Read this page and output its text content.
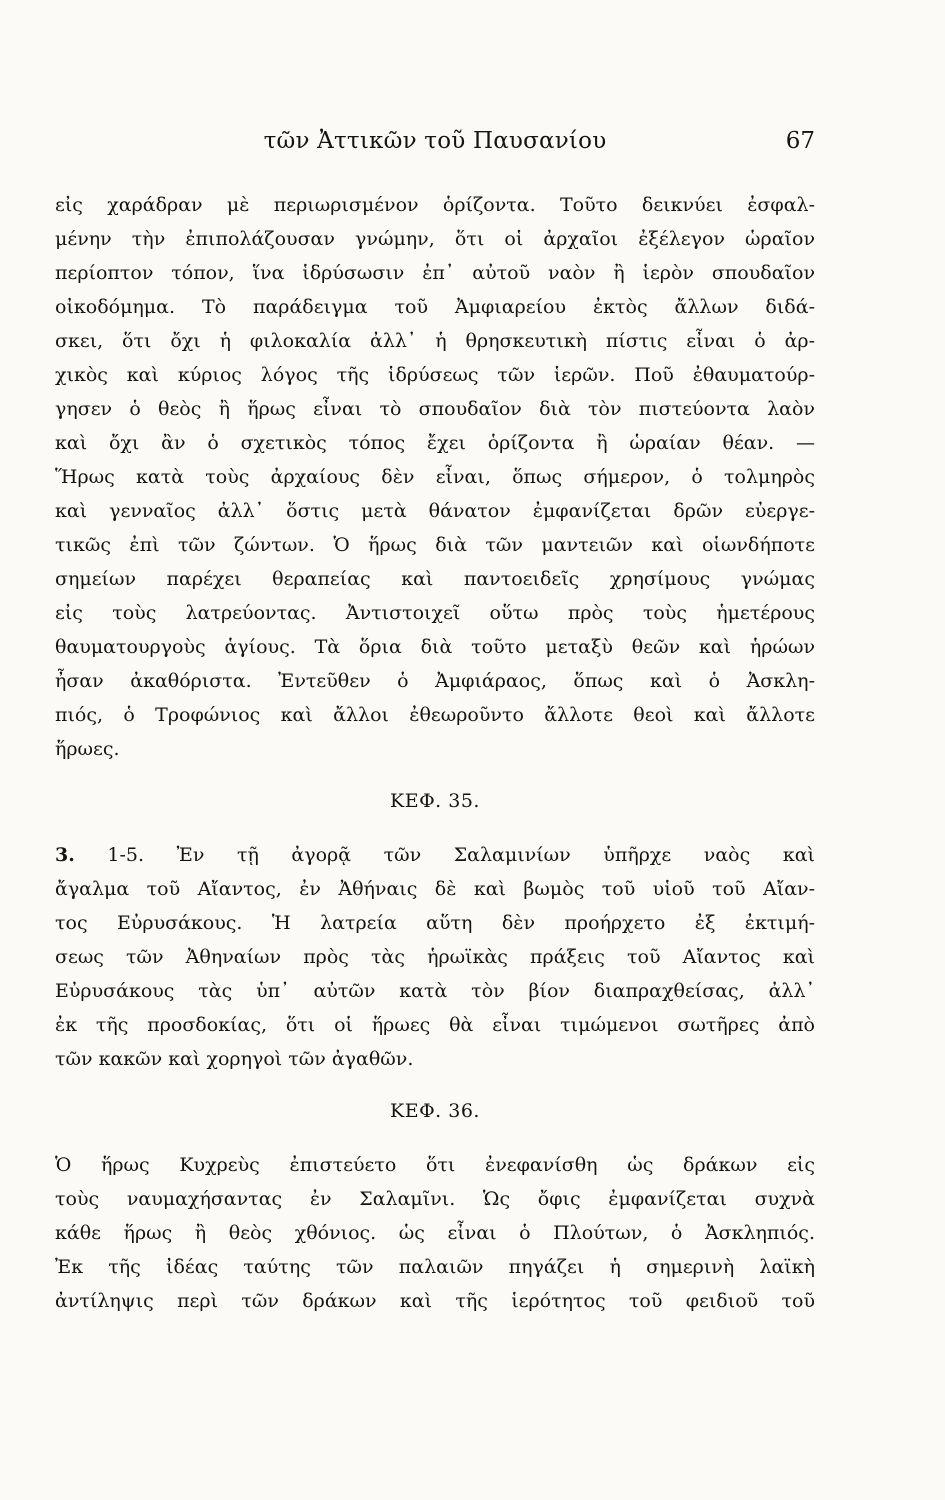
τῶν Ἀττικῶν τοῦ Παυσανίου	67
εἰς χαράδραν μὲ περιωρισμένον ὁρίζοντα. Τοῦτο δεικνύει ἐσφαλ-
μένην τὴν ἐπιπολάζουσαν γνώμην, ὅτι οἱ ἀρχαῖοι ἐξέλεγον ὡραῖον
περίοπτον τόπον, ἵνα ἱδρύσωσιν ἐπ᾽ αὐτοῦ ναὸν ἢ ἱερὸν σπουδαῖον
οἰκοδόμημα. Τὸ παράδειγμα τοῦ Ἀμφιαρείου ἐκτὸς ἄλλων διδά-
σκει, ὅτι ὄχι ἡ φιλοκαλία ἀλλ᾽ ἡ θρησκευτικὴ πίστις εἶναι ὁ ἀρ-
χικὸς καὶ κύριος λόγος τῆς ἱδρύσεως τῶν ἱερῶν. Ποῦ ἐθαυματούρ-
γησεν ὁ θεὸς ἢ ἥρως εἶναι τὸ σπουδαῖον διὰ τὸν πιστεύοντα λαὸν
καὶ ὄχι ἂν ὁ σχετικὸς τόπος ἔχει ὁρίζοντα ἢ ὡραίαν θέαν. —
Ἥρως κατὰ τοὺς ἀρχαίους δὲν εἶναι, ὅπως σήμερον, ὁ τολμηρὸς
καὶ γενναῖος ἀλλ᾽ ὅστις μετὰ θάνατον ἐμφανίζεται δρῶν εὐεργε-
τικῶς ἐπὶ τῶν ζώντων. Ὁ ἥρως διὰ τῶν μαντειῶν καὶ οἱωνδήποτε
σημείων παρέχει θεραπείας καὶ παντοειδεῖς χρησίμους γνώμας
εἰς τοὺς λατρεύοντας. Ἀντιστοιχεῖ οὕτω πρὸς τοὺς ἡμετέρους
θαυματουργοὺς ἁγίους. Τὰ ὅρια διὰ τοῦτο μεταξὺ θεῶν καὶ ἡρώων
ἦσαν ἀκαθόριστα. Ἐντεῦθεν ὁ Ἀμφιάραος, ὅπως καὶ ὁ Ἀσκλη-
πιός, ὁ Τροφώνιος καὶ ἄλλοι ἐθεωροῦντο ἄλλοτε θεοὶ καὶ ἄλλοτε
ἥρωες.
ΚΕΦ. 35.
3. 1-5. Ἐν τῇ ἀγορᾷ τῶν Σαλαμινίων ὑπῆρχε ναὸς καὶ
ἄγαλμα τοῦ Αἴαντος, ἐν Ἀθήναις δὲ καὶ βωμὸς τοῦ υἱοῦ τοῦ Αἴαν-
τος Εὐρυσάκους. Ἡ λατρεία αὕτη δὲν προήρχετο ἐξ ἐκτιμή-
σεως τῶν Ἀθηναίων πρὸς τὰς ἡρωϊκὰς πράξεις τοῦ Αἴαντος καὶ
Εὐρυσάκους τὰς ὑπ᾽ αὐτῶν κατὰ τὸν βίον διαπραχθείσας, ἀλλ᾽
ἐκ τῆς προσδοκίας, ὅτι οἱ ἥρωες θὰ εἶναι τιμώμενοι σωτῆρες ἀπὸ
τῶν κακῶν καὶ χορηγοὶ τῶν ἀγαθῶν.
ΚΕΦ. 36.
Ὁ ἥρως Κυχρεὺς ἐπιστεύετο ὅτι ἐνεφανίσθη ὡς δράκων εἰς
τοὺς ναυμαχήσαντας ἐν Σαλαμῖνι. Ὡς ὄφις ἐμφανίζεται συχνὰ
κάθε ἥρως ἢ θεὸς χθόνιος. ὡς εἶναι ὁ Πλούτων, ὁ Ἀσκληπιός.
Ἐκ τῆς ἰδέας ταύτης τῶν παλαιῶν πηγάζει ἡ σημερινὴ λαϊκὴ
ἀντίληψις περὶ τῶν δράκων καὶ τῆς ἱερότητος τοῦ φειδιοῦ τοῦ
